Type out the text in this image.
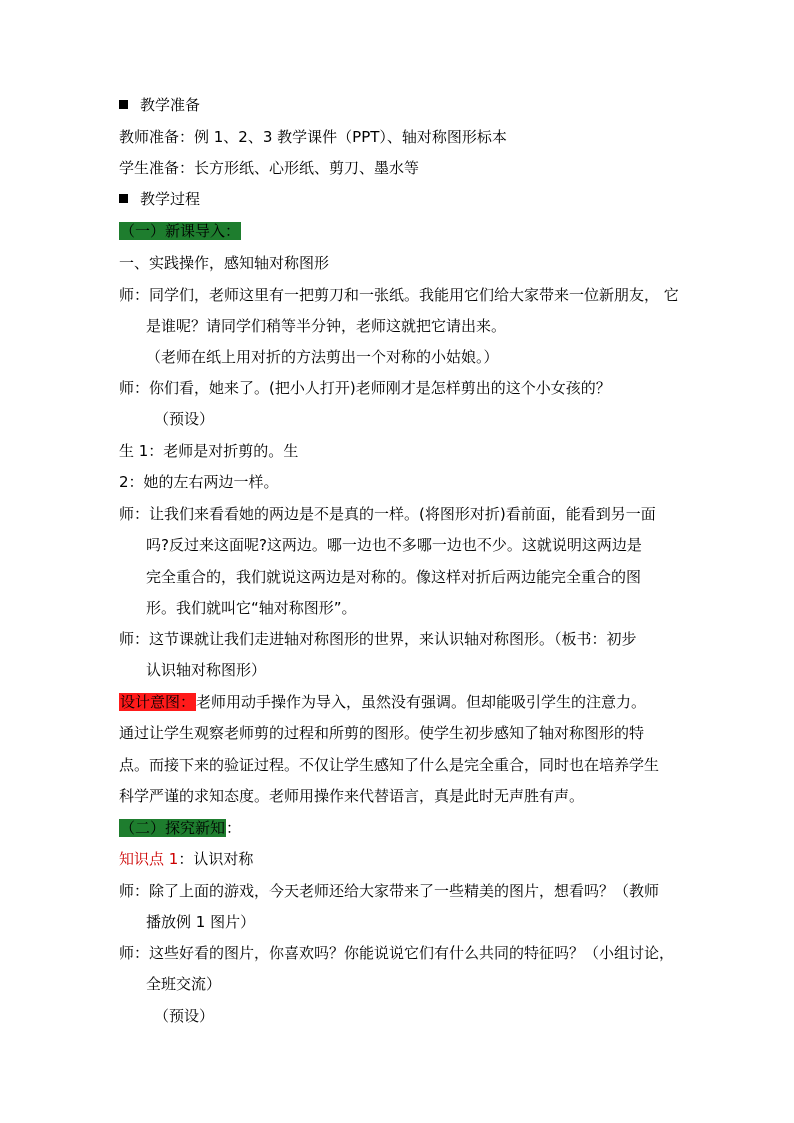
教学准备
教师准备：例 1、2、3 教学课件（PPT）、轴对称图形标本
学生准备：长方形纸、心形纸、剪刀、墨水等
教学过程
（一）新课导入：
一、实践操作，感知轴对称图形
师：同学们，老师这里有一把剪刀和一张纸。我能用它们给大家带来一位新朋友， 它
是谁呢？请同学们稍等半分钟，老师这就把它请出来。
（老师在纸上用对折的方法剪出一个对称的小姑娘。）
师：你们看，她来了。(把小人打开)老师刚才是怎样剪出的这个小女孩的？
（预设）
生 1：老师是对折剪的。生
2：她的左右两边一样。
师：让我们来看看她的两边是不是真的一样。(将图形对折)看前面，能看到另一面
吗?反过来这面呢?这两边。哪一边也不多哪一边也不少。这就说明这两边是
完全重合的，我们就说这两边是对称的。像这样对折后两边能完全重合的图
形。我们就叫它“轴对称图形”。
师：这节课就让我们走进轴对称图形的世界，来认识轴对称图形。（板书：初步
认识轴对称图形）
设计意图：老师用动手操作为导入，虽然没有强调。但却能吸引学生的注意力。
通过让学生观察老师剪的过程和所剪的图形。使学生初步感知了轴对称图形的特
点。而接下来的验证过程。不仅让学生感知了什么是完全重合，同时也在培养学生
科学严谨的求知态度。老师用操作来代替语言，真是此时无声胜有声。
（二）探究新知：
知识点 1：认识对称
师：除了上面的游戏，今天老师还给大家带来了一些精美的图片，想看吗？（教师
播放例 1 图片）
师：这些好看的图片，你喜欢吗？你能说说它们有什么共同的特征吗？（小组讨论，
全班交流）
（预设）
